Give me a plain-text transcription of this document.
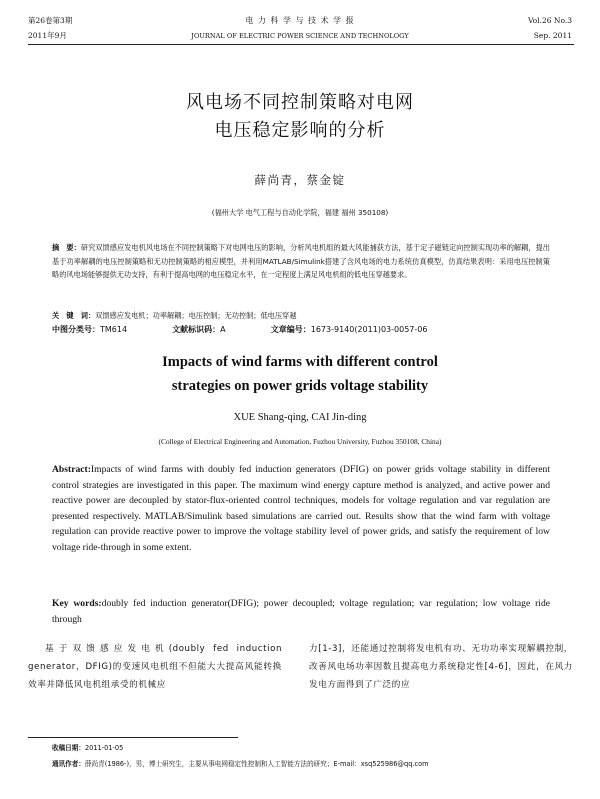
第26卷第3期
2011年9月
电 力 科 学 与 技 术 学 报
JOURNAL OF ELECTRIC POWER SCIENCE AND TECHNOLOGY
Vol.26 No.3
Sep. 2011
风电场不同控制策略对电网
电压稳定影响的分析
薛尚青，蔡金锭
(福州大学 电气工程与自动化学院，福建 福州 350108)
摘　要：研究双馈感应发电机风电场在不同控制策略下对电网电压的影响，分析风电机组的最大风能捕获方法，基于定子磁链定向控制实现功率的解耦，提出基于功率解耦的电压控制策略和无功控制策略的相应模型，并利用MATLAB/Simulink搭建了含风电场的电力系统仿真模型，仿真结果表明：采用电压控制策略的风电场能够提供无功支持，有利于提高电网的电压稳定水平，在一定程度上满足风电机组的低电压穿越要求。
关　键　词：双馈感应发电机；功率解耦；电压控制；无功控制；低电压穿越
中图分类号：TM614	文献标识码：A	文章编号：1673-9140(2011)03-0057-06
Impacts of wind farms with different control
strategies on power grids voltage stability
XUE Shang-qing, CAI Jin-ding
(College of Electrical Engineering and Automation, Fuzhou University, Fuzhou 350108, China)
Abstract:Impacts of wind farms with doubly fed induction generators (DFIG) on power grids voltage stability in different control strategies are investigated in this paper. The maximum wind energy capture method is analyzed, and active power and reactive power are decoupled by stator-flux-oriented control techniques, models for voltage regulation and var regulation are presented respectively. MATLAB/Simulink based simulations are carried out. Results show that the wind farm with voltage regulation can provide reactive power to improve the voltage stability level of power grids, and satisfy the requirement of low voltage ride-through in some extent.
Key words:doubly fed induction generator(DFIG); power decoupled; voltage regulation; var regulation; low voltage ride through
基于双馈感应发电机(doubly fed induction generator，DFIG)的变速风电机组不但能大大提高风能转换效率并降低风电机组承受的机械应
力[1-3]，还能通过控制将发电机有功、无功功率实现解耦控制，改善风电场功率因数且提高电力系统稳定性[4-6]，因此，在风力发电方面得到了广泛的应
收稿日期：2011-01-05
通讯作者：薛尚青(1986-)，男，博士研究生，主要从事电网稳定性控制和人工智能方法的研究；E-mail：xsq525986@qq.com
